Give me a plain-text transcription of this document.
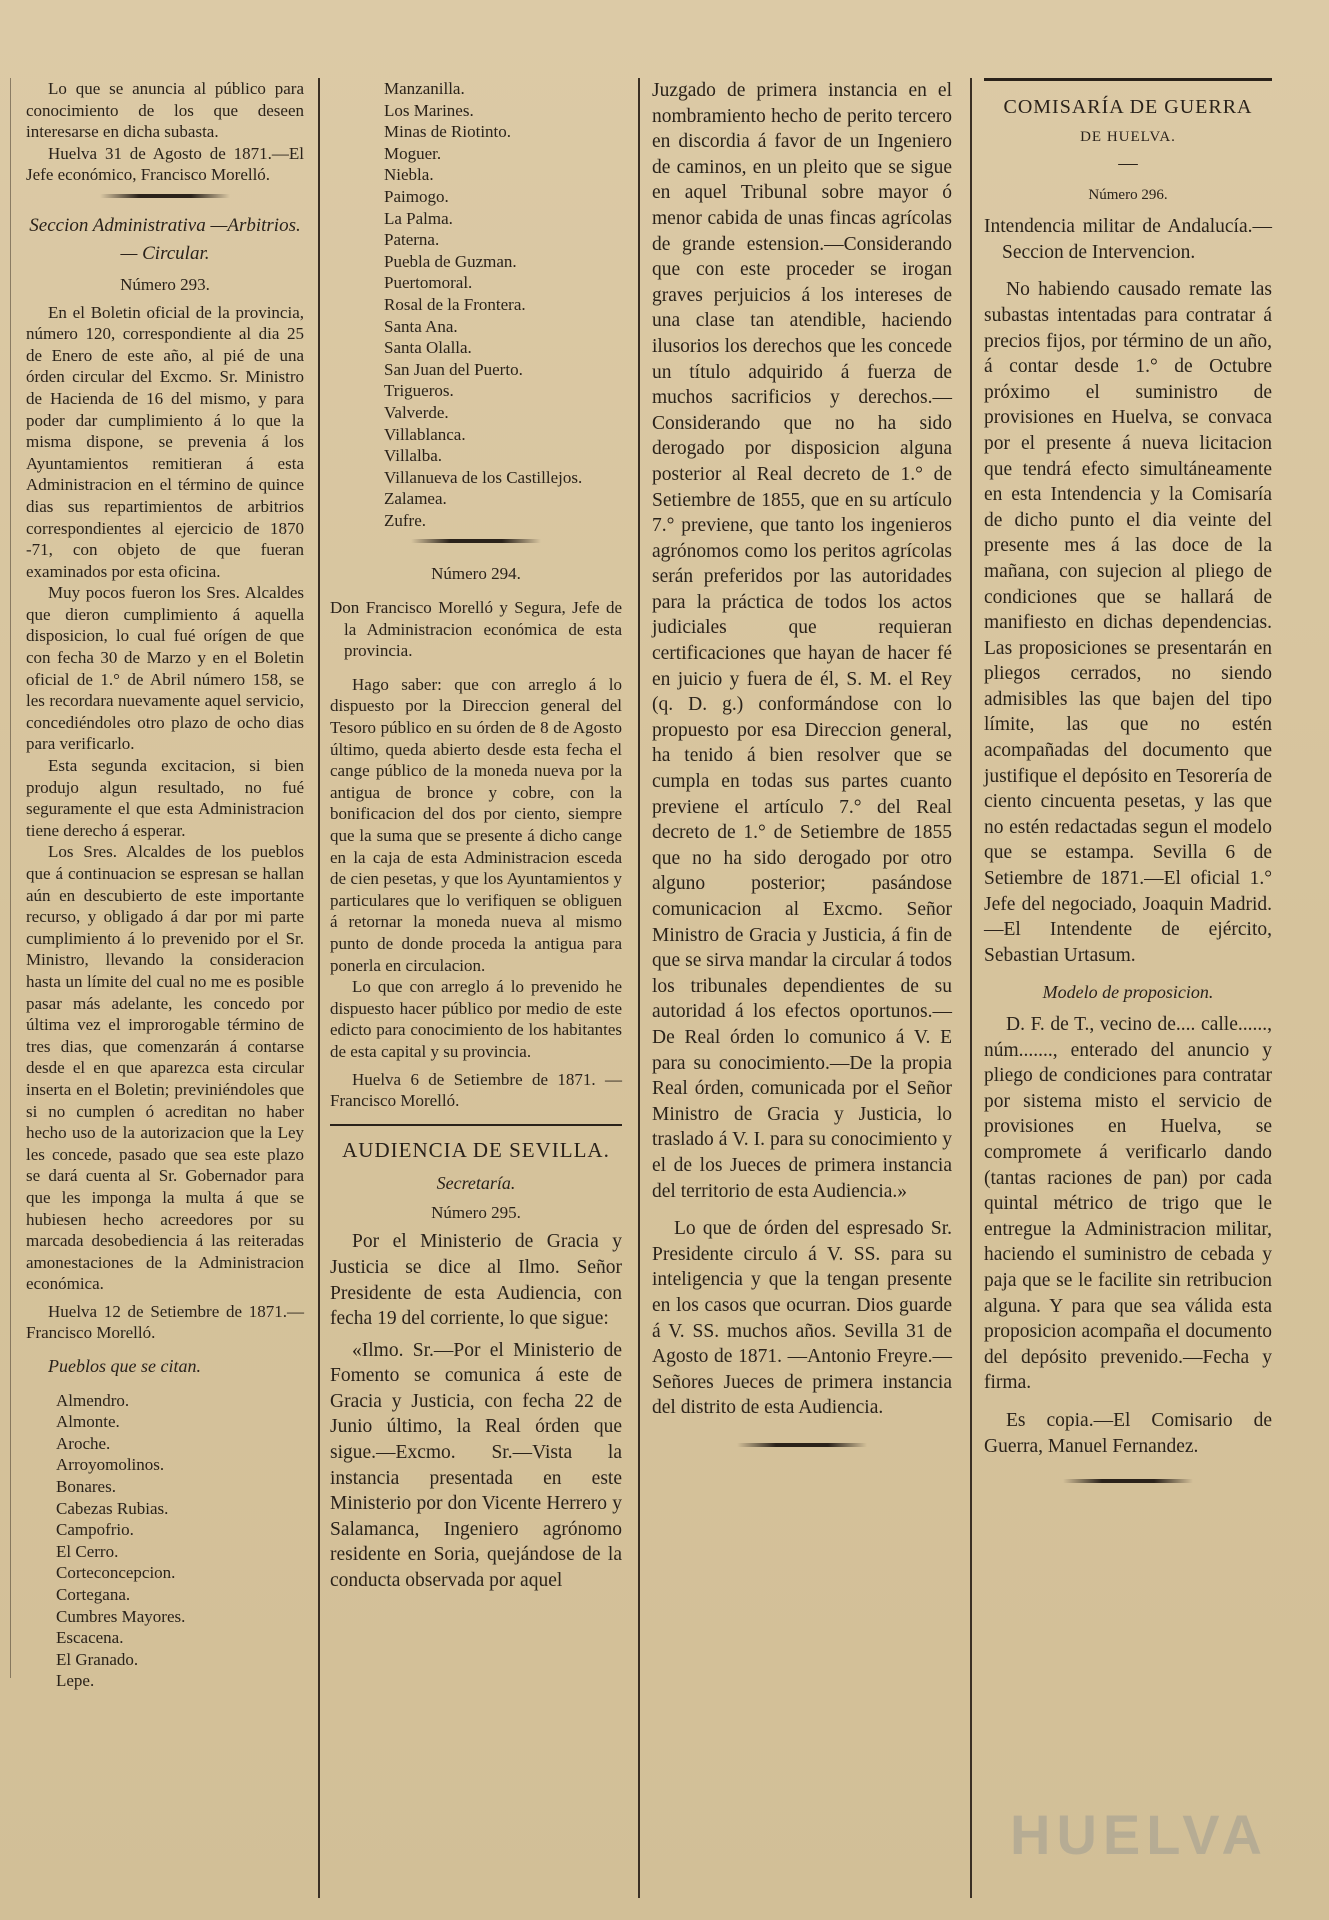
Lo que se anuncia al público para conocimiento de los que deseen interesarse en dicha subasta.

Huelva 31 de Agosto de 1871.—El Jefe económico, Francisco Morelló.

Seccion Administrativa —Arbitrios. — Circular.

Número 293.

En el Boletin oficial de la provincia, número 120, correspondiente al dia 25 de Enero de este año, al pié de una órden circular del Excmo. Sr. Ministro de Hacienda de 16 del mismo, y para poder dar cumplimiento á lo que la misma dispone, se prevenia á los Ayuntamientos remitieran á esta Administracion en el término de quince dias sus repartimientos de arbitrios correspondientes al ejercicio de 1870 -71, con objeto de que fueran examinados por esta oficina.

Muy pocos fueron los Sres. Alcaldes que dieron cumplimiento á aquella disposicion, lo cual fué orígen de que con fecha 30 de Marzo y en el Boletin oficial de 1.° de Abril número 158, se les recordara nuevamente aquel servicio, concediéndoles otro plazo de ocho dias para verificarlo.

Esta segunda excitacion, si bien produjo algun resultado, no fué seguramente el que esta Administracion tiene derecho á esperar.

Los Sres. Alcaldes de los pueblos que á continuacion se espresan se hallan aún en descubierto de este importante recurso, y obligado á dar por mi parte cumplimiento á lo prevenido por el Sr. Ministro, llevando la consideracion hasta un límite del cual no me es posible pasar más adelante, les concedo por última vez el improrogable término de tres dias, que comenzarán á contarse desde el en que aparezca esta circular inserta en el Boletin; previniéndoles que si no cumplen ó acreditan no haber hecho uso de la autorizacion que la Ley les concede, pasado que sea este plazo se dará cuenta al Sr. Gobernador para que les imponga la multa á que se hubiesen hecho acreedores por su marcada desobediencia á las reiteradas amonestaciones de la Administracion económica.

Huelva 12 de Setiembre de 1871.—Francisco Morelló.

Pueblos que se citan.

Almendro.
Almonte.
Aroche.
Arroyomolinos.
Bonares.
Cabezas Rubias.
Campofrio.
El Cerro.
Corteconcepcion.
Cortegana.
Cumbres Mayores.
Escacena.
El Granado.
Lepe.
Manzanilla.
Los Marines.
Minas de Riotinto.
Moguer.
Niebla.
Paimogo.
La Palma.
Paterna.
Puebla de Guzman.
Puertomoral.
Rosal de la Frontera.
Santa Ana.
Santa Olalla.
San Juan del Puerto.
Trigueros.
Valverde.
Villablanca.
Villalba.
Villanueva de los Castillejos.
Zalamea.
Zufre.

Número 294.

Don Francisco Morelló y Segura, Jefe de la Administracion económica de esta provincia.

Hago saber: que con arreglo á lo dispuesto por la Direccion general del Tesoro público en su órden de 8 de Agosto último, queda abierto desde esta fecha el cange público de la moneda nueva por la antigua de bronce y cobre, con la bonificacion del dos por ciento, siempre que la suma que se presente á dicho cange en la caja de esta Administracion esceda de cien pesetas, y que los Ayuntamientos y particulares que lo verifiquen se obliguen á retornar la moneda nueva al mismo punto de donde proceda la antigua para ponerla en circulacion.

Lo que con arreglo á lo prevenido he dispuesto hacer público por medio de este edicto para conocimiento de los habitantes de esta capital y su provincia.

Huelva 6 de Setiembre de 1871. —Francisco Morelló.

AUDIENCIA DE SEVILLA.

Secretaría.

Número 295.

Por el Ministerio de Gracia y Justicia se dice al Ilmo. Señor Presidente de esta Audiencia, con fecha 19 del corriente, lo que sigue:

«Ilmo. Sr.—Por el Ministerio de Fomento se comunica á este de Gracia y Justicia, con fecha 22 de Junio último, la Real órden que sigue.—Excmo. Sr.—Vista la instancia presentada en este Ministerio por don Vicente Herrero y Salamanca, Ingeniero agrónomo residente en Soria, quejándose de la conducta observada por aquel

Juzgado de primera instancia en el nombramiento hecho de perito tercero en discordia á favor de un Ingeniero de caminos, en un pleito que se sigue en aquel Tribunal sobre mayor ó menor cabida de unas fincas agrícolas de grande estension.—Considerando que con este proceder se irogan graves perjuicios á los intereses de una clase tan atendible, haciendo ilusorios los derechos que les concede un título adquirido á fuerza de muchos sacrificios y derechos.—Considerando que no ha sido derogado por disposicion alguna posterior al Real decreto de 1.° de Setiembre de 1855, que en su artículo 7.° previene, que tanto los ingenieros agrónomos como los peritos agrícolas serán preferidos por las autoridades para la práctica de todos los actos judiciales que requieran certificaciones que hayan de hacer fé en juicio y fuera de él, S. M. el Rey (q. D. g.) conformándose con lo propuesto por esa Direccion general, ha tenido á bien resolver que se cumpla en todas sus partes cuanto previene el artículo 7.° del Real decreto de 1.° de Setiembre de 1855 que no ha sido derogado por otro alguno posterior; pasándose comunicacion al Excmo. Señor Ministro de Gracia y Justicia, á fin de que se sirva mandar la circular á todos los tribunales dependientes de su autoridad á los efectos oportunos.—De Real órden lo comunico á V. E para su conocimiento.—De la propia Real órden, comunicada por el Señor Ministro de Gracia y Justicia, lo traslado á V. I. para su conocimiento y el de los Jueces de primera instancia del territorio de esta Audiencia.»

Lo que de órden del espresado Sr. Presidente circulo á V. SS. para su inteligencia y que la tengan presente en los casos que ocurran. Dios guarde á V. SS. muchos años. Sevilla 31 de Agosto de 1871. —Antonio Freyre.—Señores Jueces de primera instancia del distrito de esta Audiencia.

COMISARÍA DE GUERRA

DE HUELVA.

—

Número 296.

Intendencia militar de Andalucía.—Seccion de Intervencion.

No habiendo causado remate las subastas intentadas para contratar á precios fijos, por término de un año, á contar desde 1.° de Octubre próximo el suministro de provisiones en Huelva, se convaca por el presente á nueva licitacion que tendrá efecto simultáneamente en esta Intendencia y la Comisaría de dicho punto el dia veinte del presente mes á las doce de la mañana, con sujecion al pliego de condiciones que se hallará de manifiesto en dichas dependencias. Las proposiciones se presentarán en pliegos cerrados, no siendo admisibles las que bajen del tipo límite, las que no estén acompañadas del documento que justifique el depósito en Tesorería de ciento cincuenta pesetas, y las que no estén redactadas segun el modelo que se estampa. Sevilla 6 de Setiembre de 1871.—El oficial 1.° Jefe del negociado, Joaquin Madrid.—El Intendente de ejército, Sebastian Urtasum.

Modelo de proposicion.

D. F. de T., vecino de.... calle......, núm......., enterado del anuncio y pliego de condiciones para contratar por sistema misto el servicio de provisiones en Huelva, se compromete á verificarlo dando (tantas raciones de pan) por cada quintal métrico de trigo que le entregue la Administracion militar, haciendo el suministro de cebada y paja que se le facilite sin retribucion alguna. Y para que sea válida esta proposicion acompaña el documento del depósito prevenido.—Fecha y firma.

Es copia.—El Comisario de Guerra, Manuel Fernandez.

HUELVA
